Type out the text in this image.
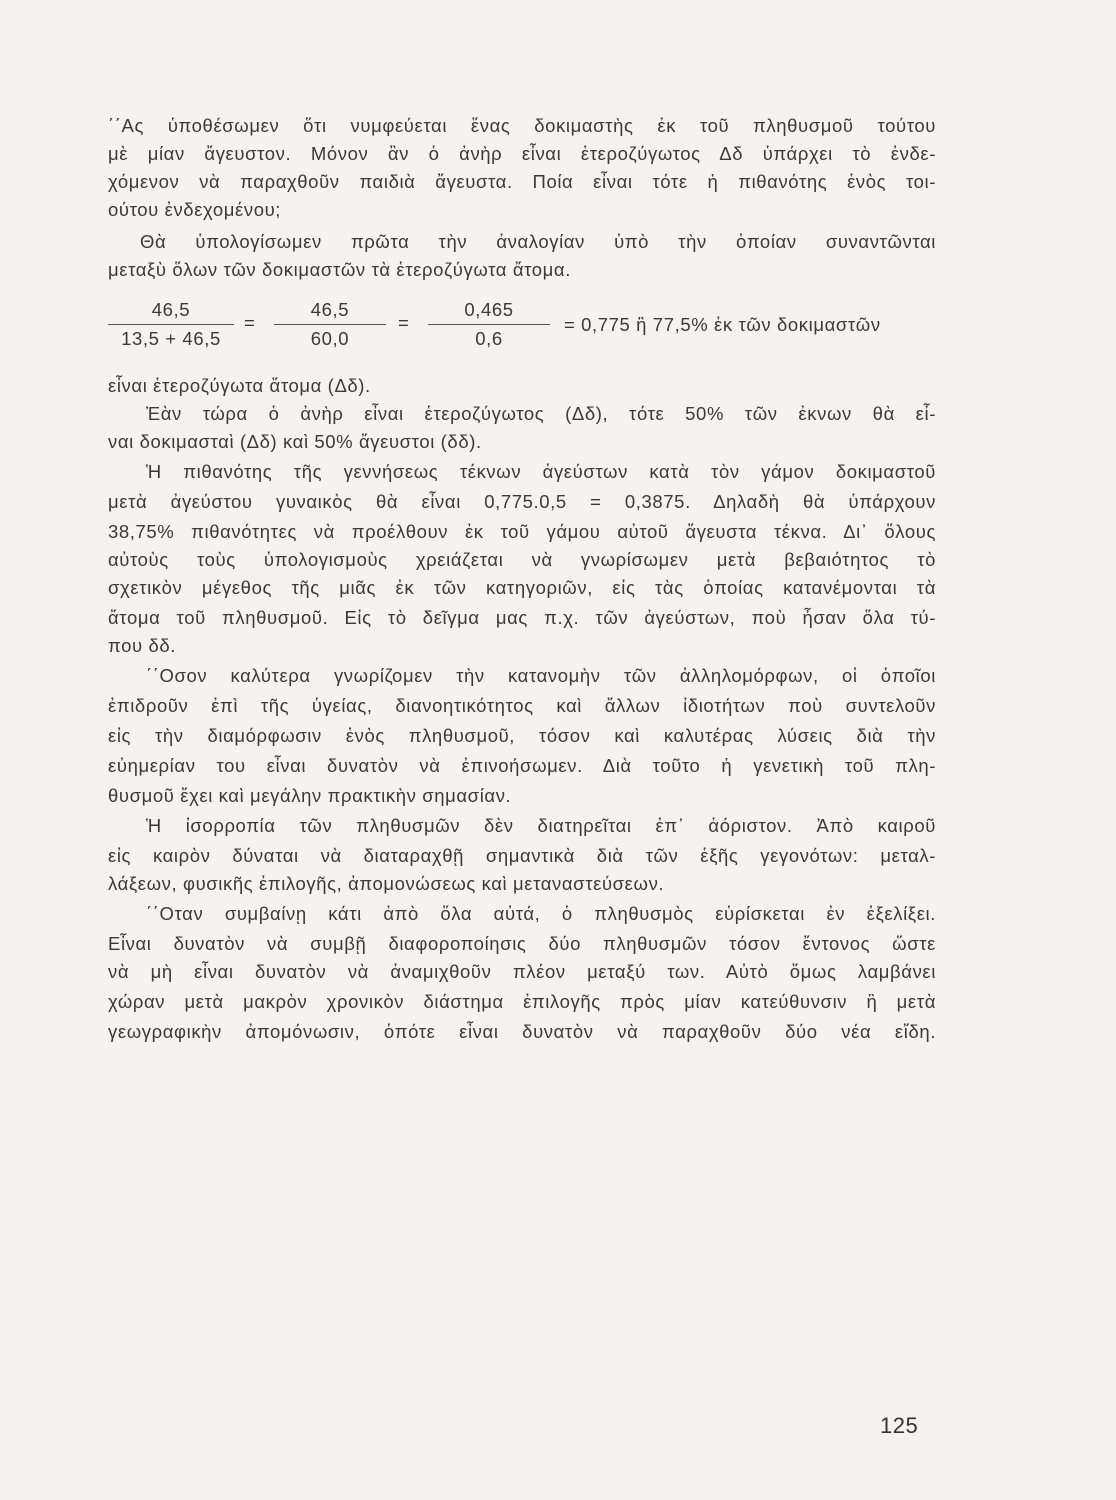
΄΄Ας ὑποθέσωμεν ὅτι νυμφεύεται ἕνας δοκιμαστὴς ἐκ τοῦ πληθυσμοῦ τούτου
μὲ μίαν ἄγευστον. Μόνον ἂν ὁ ἀνὴρ εἶναι ἑτεροζύγωτος Δδ ὑπάρχει τὸ ἐνδε-
χόμενον νὰ παραχθοῦν παιδιὰ ἄγευστα. Ποία εἶναι τότε ἡ πιθανότης ἑνὸς τοι-
ούτου ἐνδεχομένου;
Θὰ ὑπολογίσωμεν πρῶτα τὴν ἀναλογίαν ὑπὸ τὴν ὁποίαν συναντῶνται
μεταξὺ ὅλων τῶν δοκιμαστῶν τὰ ἑτεροζύγωτα ἄτομα.
46,5
13,5 + 46,5
=
46,5
60,0
=
0,465
0,6
= 0,775 ἢ 77,5% ἐκ τῶν δοκιμαστῶν
εἶναι ἑτεροζύγωτα ἄτομα (Δδ).
Ἐὰν τώρα ὁ ἀνὴρ εἶναι ἑτεροζύγωτος (Δδ), τότε 50% τῶν ἐκνων θὰ εἶ-
ναι δοκιμασταὶ (Δδ) καὶ 50% ἄγευστοι (δδ).
Ἡ πιθανότης τῆς γεννήσεως τέκνων ἀγεύστων κατὰ τὸν γάμον δοκιμαστοῦ
μετὰ ἀγεύστου γυναικὸς θὰ εἶναι 0,775.0,5 = 0,3875. Δηλαδὴ θὰ ὑπάρχουν
38,75% πιθανότητες νὰ προέλθουν ἐκ τοῦ γάμου αὐτοῦ ἄγευστα τέκνα. Δι᾽ ὅλους
αὐτοὺς τοὺς ὑπολογισμοὺς χρειάζεται νὰ γνωρίσωμεν μετὰ βεβαιότητος τὸ
σχετικὸν μέγεθος τῆς μιᾶς ἐκ τῶν κατηγοριῶν, εἰς τὰς ὁποίας κατανέμονται τὰ
ἄτομα τοῦ πληθυσμοῦ. Εἰς τὸ δεῖγμα μας π.χ. τῶν ἀγεύστων, ποὺ ἦσαν ὅλα τύ-
που δδ.
΄΄Οσον καλύτερα γνωρίζομεν τὴν κατανομὴν τῶν ἀλληλομόρφων, οἱ ὁποῖοι
ἐπιδροῦν ἐπὶ τῆς ὑγείας, διανοητικότητος καὶ ἄλλων ἰδιοτήτων ποὺ συντελοῦν
εἰς τὴν διαμόρφωσιν ἑνὸς πληθυσμοῦ, τόσον καὶ καλυτέρας λύσεις διὰ τὴν
εὐημερίαν του εἶναι δυνατὸν νὰ ἐπινοήσωμεν. Διὰ τοῦτο ἡ γενετικὴ τοῦ πλη-
θυσμοῦ ἔχει καὶ μεγάλην πρακτικὴν σημασίαν.
Ἡ ἰσορροπία τῶν πληθυσμῶν δὲν διατηρεῖται ἐπ᾽ ἀόριστον. Ἀπὸ καιροῦ
εἰς καιρὸν δύναται νὰ διαταραχθῇ σημαντικὰ διὰ τῶν ἑξῆς γεγονότων: μεταλ-
λάξεων, φυσικῆς ἐπιλογῆς, ἀπομονώσεως καὶ μεταναστεύσεων.
΄΄Οταν συμβαίνῃ κάτι ἀπὸ ὅλα αὐτά, ὁ πληθυσμὸς εὑρίσκεται ἐν ἐξελίξει.
Εἶναι δυνατὸν νὰ συμβῇ διαφοροποίησις δύο πληθυσμῶν τόσον ἔντονος ὥστε
νὰ μὴ εἶναι δυνατὸν νὰ ἀναμιχθοῦν πλέον μεταξύ των. Αὐτὸ ὅμως λαμβάνει
χώραν μετὰ μακρὸν χρονικὸν διάστημα ἐπιλογῆς πρὸς μίαν κατεύθυνσιν ἢ μετὰ
γεωγραφικὴν ἀπομόνωσιν, ὁπότε εἶναι δυνατὸν νὰ παραχθοῦν δύο νέα εἴδη.
125
